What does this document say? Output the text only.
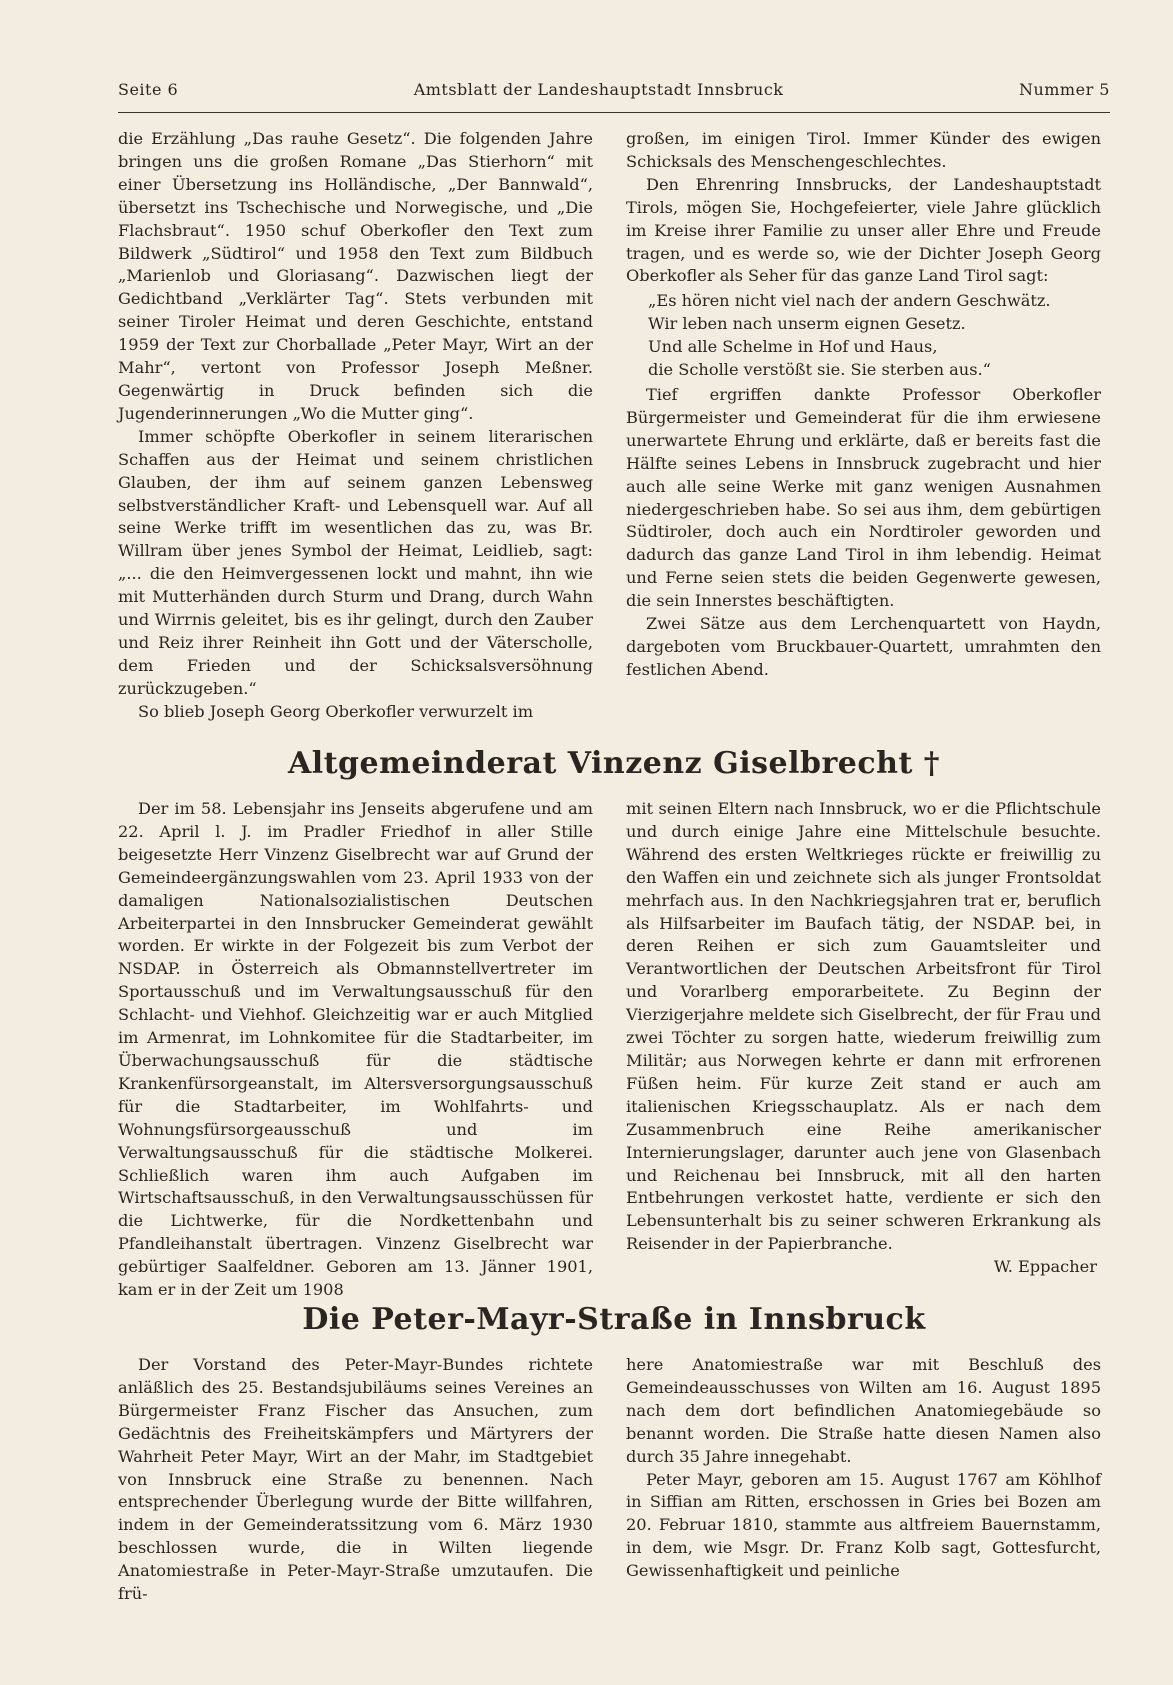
Seite 6	Amtsblatt der Landeshauptstadt Innsbruck	Nummer 5

die Erzählung „Das rauhe Gesetz“. Die folgenden Jahre bringen uns die großen Romane „Das Stierhorn“ mit einer Übersetzung ins Holländische, „Der Bannwald“, übersetzt ins Tschechische und Norwegische, und „Die Flachsbraut“. 1950 schuf Oberkofler den Text zum Bildwerk „Südtirol“ und 1958 den Text zum Bildbuch „Marienlob und Gloriasang“. Dazwischen liegt der Gedichtband „Verklärter Tag“. Stets verbunden mit seiner Tiroler Heimat und deren Geschichte, entstand 1959 der Text zur Chorballade „Peter Mayr, Wirt an der Mahr“, vertont von Professor Joseph Meßner. Gegenwärtig in Druck befinden sich die Jugenderinnerungen „Wo die Mutter ging“.

Immer schöpfte Oberkofler in seinem literarischen Schaffen aus der Heimat und seinem christlichen Glauben, der ihm auf seinem ganzen Lebensweg selbstverständlicher Kraft- und Lebensquell war. Auf all seine Werke trifft im wesentlichen das zu, was Br. Willram über jenes Symbol der Heimat, Leidlieb, sagt: „... die den Heimvergessenen lockt und mahnt, ihn wie mit Mutterhänden durch Sturm und Drang, durch Wahn und Wirrnis geleitet, bis es ihr gelingt, durch den Zauber und Reiz ihrer Reinheit ihn Gott und der Väterscholle, dem Frieden und der Schicksalsversöhnung zurückzugeben.“

So blieb Joseph Georg Oberkofler verwurzelt im

großen, im einigen Tirol. Immer Künder des ewigen Schicksals des Menschengeschlechtes.

Den Ehrenring Innsbrucks, der Landeshauptstadt Tirols, mögen Sie, Hochgefeierter, viele Jahre glücklich im Kreise ihrer Familie zu unser aller Ehre und Freude tragen, und es werde so, wie der Dichter Joseph Georg Oberkofler als Seher für das ganze Land Tirol sagt:

„Es hören nicht viel nach der andern Geschwätz.
Wir leben nach unserm eignen Gesetz.
Und alle Schelme in Hof und Haus,
die Scholle verstößt sie. Sie sterben aus.“

Tief ergriffen dankte Professor Oberkofler Bürgermeister und Gemeinderat für die ihm erwiesene unerwartete Ehrung und erklärte, daß er bereits fast die Hälfte seines Lebens in Innsbruck zugebracht und hier auch alle seine Werke mit ganz wenigen Ausnahmen niedergeschrieben habe. So sei aus ihm, dem gebürtigen Südtiroler, doch auch ein Nordtiroler geworden und dadurch das ganze Land Tirol in ihm lebendig. Heimat und Ferne seien stets die beiden Gegenwerte gewesen, die sein Innerstes beschäftigten.

Zwei Sätze aus dem Lerchenquartett von Haydn, dargeboten vom Bruckbauer-Quartett, umrahmten den festlichen Abend.

Altgemeinderat Vinzenz Giselbrecht †

Der im 58. Lebensjahr ins Jenseits abgerufene und am 22. April l. J. im Pradler Friedhof in aller Stille beigesetzte Herr Vinzenz Giselbrecht war auf Grund der Gemeindeergänzungswahlen vom 23. April 1933 von der damaligen Nationalsozialistischen Deutschen Arbeiterpartei in den Innsbrucker Gemeinderat gewählt worden. Er wirkte in der Folgezeit bis zum Verbot der NSDAP. in Österreich als Obmannstellvertreter im Sportausschuß und im Verwaltungsausschuß für den Schlacht- und Viehhof. Gleichzeitig war er auch Mitglied im Armenrat, im Lohnkomitee für die Stadtarbeiter, im Überwachungsausschuß für die städtische Krankenfürsorgeanstalt, im Altersversorgungsausschuß für die Stadtarbeiter, im Wohlfahrts- und Wohnungsfürsorgeausschuß und im Verwaltungsausschuß für die städtische Molkerei. Schließlich waren ihm auch Aufgaben im Wirtschaftsausschuß, in den Verwaltungsausschüssen für die Lichtwerke, für die Nordkettenbahn und Pfandleihanstalt übertragen. Vinzenz Giselbrecht war gebürtiger Saalfeldner. Geboren am 13. Jänner 1901, kam er in der Zeit um 1908

mit seinen Eltern nach Innsbruck, wo er die Pflichtschule und durch einige Jahre eine Mittelschule besuchte. Während des ersten Weltkrieges rückte er freiwillig zu den Waffen ein und zeichnete sich als junger Frontsoldat mehrfach aus. In den Nachkriegsjahren trat er, beruflich als Hilfsarbeiter im Baufach tätig, der NSDAP. bei, in deren Reihen er sich zum Gauamtsleiter und Verantwortlichen der Deutschen Arbeitsfront für Tirol und Vorarlberg emporarbeitete. Zu Beginn der Vierzigerjahre meldete sich Giselbrecht, der für Frau und zwei Töchter zu sorgen hatte, wiederum freiwillig zum Militär; aus Norwegen kehrte er dann mit erfrorenen Füßen heim. Für kurze Zeit stand er auch am italienischen Kriegsschauplatz. Als er nach dem Zusammenbruch eine Reihe amerikanischer Internierungslager, darunter auch jene von Glasenbach und Reichenau bei Innsbruck, mit all den harten Entbehrungen verkostet hatte, verdiente er sich den Lebensunterhalt bis zu seiner schweren Erkrankung als Reisender in der Papierbranche.

W. Eppacher

Die Peter-Mayr-Straße in Innsbruck

Der Vorstand des Peter-Mayr-Bundes richtete anläßlich des 25. Bestandsjubiläums seines Vereines an Bürgermeister Franz Fischer das Ansuchen, zum Gedächtnis des Freiheitskämpfers und Märtyrers der Wahrheit Peter Mayr, Wirt an der Mahr, im Stadtgebiet von Innsbruck eine Straße zu benennen. Nach entsprechender Überlegung wurde der Bitte willfahren, indem in der Gemeinderatssitzung vom 6. März 1930 beschlossen wurde, die in Wilten liegende Anatomiestraße in Peter-Mayr-Straße umzutaufen. Die frü-

here Anatomiestraße war mit Beschluß des Gemeindeausschusses von Wilten am 16. August 1895 nach dem dort befindlichen Anatomiegebäude so benannt worden. Die Straße hatte diesen Namen also durch 35 Jahre innegehabt.

Peter Mayr, geboren am 15. August 1767 am Köhlhof in Siffian am Ritten, erschossen in Gries bei Bozen am 20. Februar 1810, stammte aus altfreiem Bauernstamm, in dem, wie Msgr. Dr. Franz Kolb sagt, Gottesfurcht, Gewissenhaftigkeit und peinliche
